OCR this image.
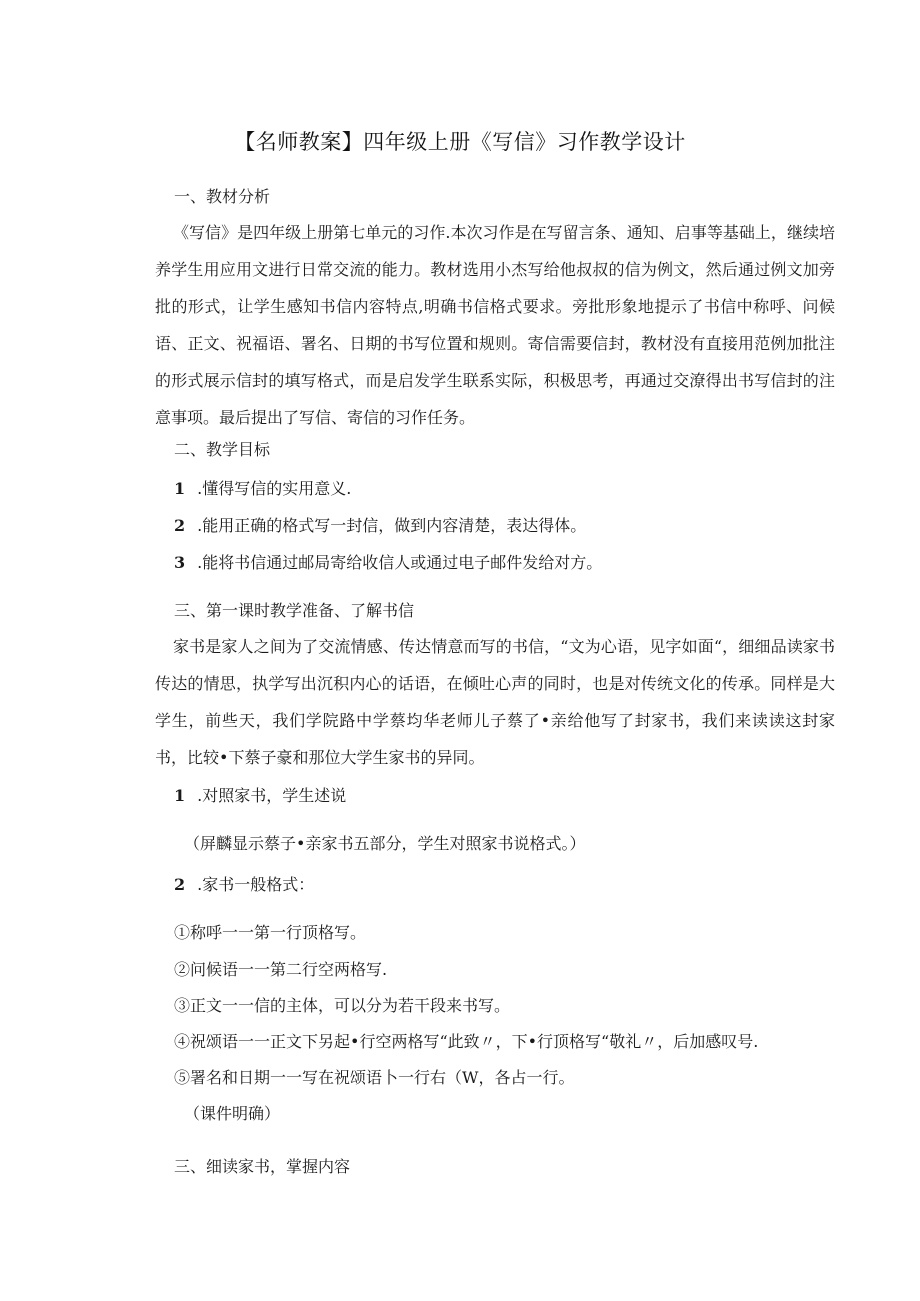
【名师教案】四年级上册《写信》习作教学设计
一、教材分析
《写信》是四年级上册第七单元的习作.本次习作是在写留言条、通知、启事等基础上，继续培养学生用应用文进行日常交流的能力。教材选用小杰写给他叔叔的信为例文，然后通过例文加旁批的形式，让学生感知书信内容特点,明确书信格式要求。旁批形象地提示了书信中称呼、问候语、正文、祝福语、署名、日期的书写位置和规则。寄信需要信封，教材没有直接用范例加批注的形式展示信封的填写格式，而是启发学生联系实际，积极思考，再通过交潦得出书写信封的注意事项。最后提出了写信、寄信的习作任务。
二、教学目标
1 .懂得写信的实用意义.
2 .能用正确的格式写一封信，做到内容清楚，表达得体。
3 .能将书信通过邮局寄给收信人或通过电子邮件发给对方。
三、第一课时教学准备、了解书信
家书是家人之间为了交流情感、传达情意而写的书信，“文为心语，见字如面“，细细品读家书传达的情思，执学写出沉积内心的话语，在倾吐心声的同时，也是对传统文化的传承。同样是大学生，前些天，我们学院路中学蔡均华老师儿子蔡了•亲给他写了封家书，我们来读读这封家书，比较•下蔡子豪和那位大学生家书的异同。
1 .对照家书，学生述说
（屏麟显示蔡子•亲家书五部分，学生对照家书说格式。）
2 .家书一般格式：
①称呼一一第一行顶格写。
②问候语一一第二行空两格写.
③正文一一信的主体，可以分为若干段来书写。
④祝颂语一一正文下另起•行空两格写“此致〃，下•行顶格写“敬礼〃，后加感叹号.
⑤署名和日期一一写在祝颂语卜一行右（W，各占一行。
（课件明确）
三、细读家书，掌握内容
